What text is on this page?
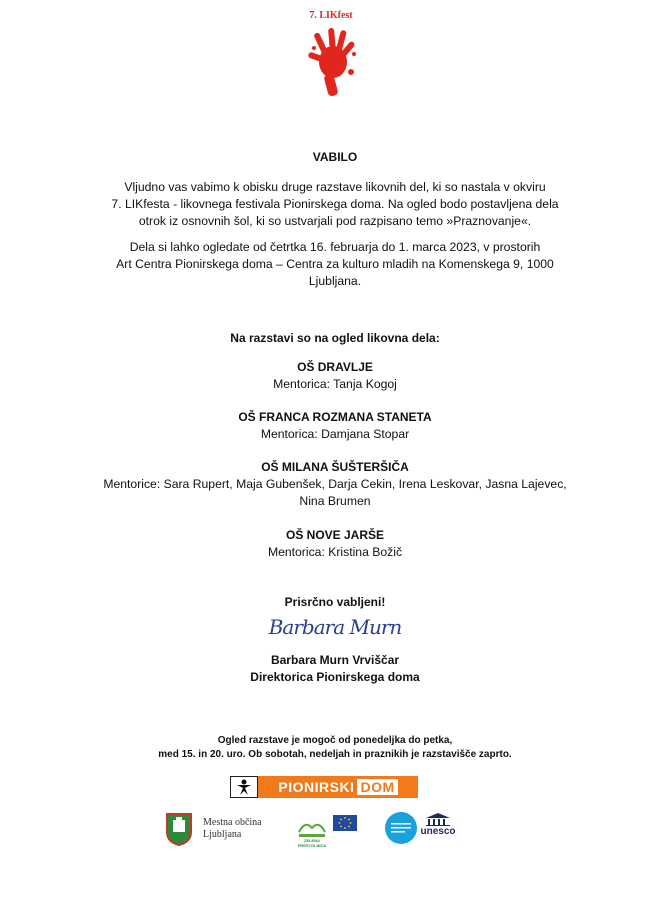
7. LIKfest
VABILO
Vljudno vas vabimo k obisku druge razstave likovnih del, ki so nastala v okviru
7. LIKfesta - likovnega festivala Pionirskega doma. Na ogled bodo postavljena dela
otrok iz osnovnih šol, ki so ustvarjali pod razpisano temo »Praznovanje«.
Dela si lahko ogledate od četrtka 16. februarja do 1. marca 2023, v prostorih
Art Centra Pionirskega doma – Centra za kulturo mladih na Komenskega 9, 1000
Ljubljana.
Na razstavi so na ogled likovna dela:
OŠ DRAVLJE
Mentorica: Tanja Kogoj
OŠ FRANCA ROZMANA STANETA
Mentorica: Damjana Stopar
OŠ MILANA ŠUŠTERŠIČA
Mentorice: Sara Rupert, Maja Gubenšek, Darja Cekin, Irena Leskovar, Jasna Lajevec,
Nina Brumen
OŠ NOVE JARŠE
Mentorica: Kristina Božič
Prisrčno vabljeni!
Barbara Murn
Barbara Murn Vrviščar
Direktorica Pionirskega doma
Ogled razstave je mogoč od ponedeljka do petka,
med 15. in 20. uro. Ob sobotah, nedeljah in praznikih je razstavišče zaprto.
PIONIRSKI DOM
Mestna občina
Ljubljana
ZELENA PRESTOLNICA
unesco
